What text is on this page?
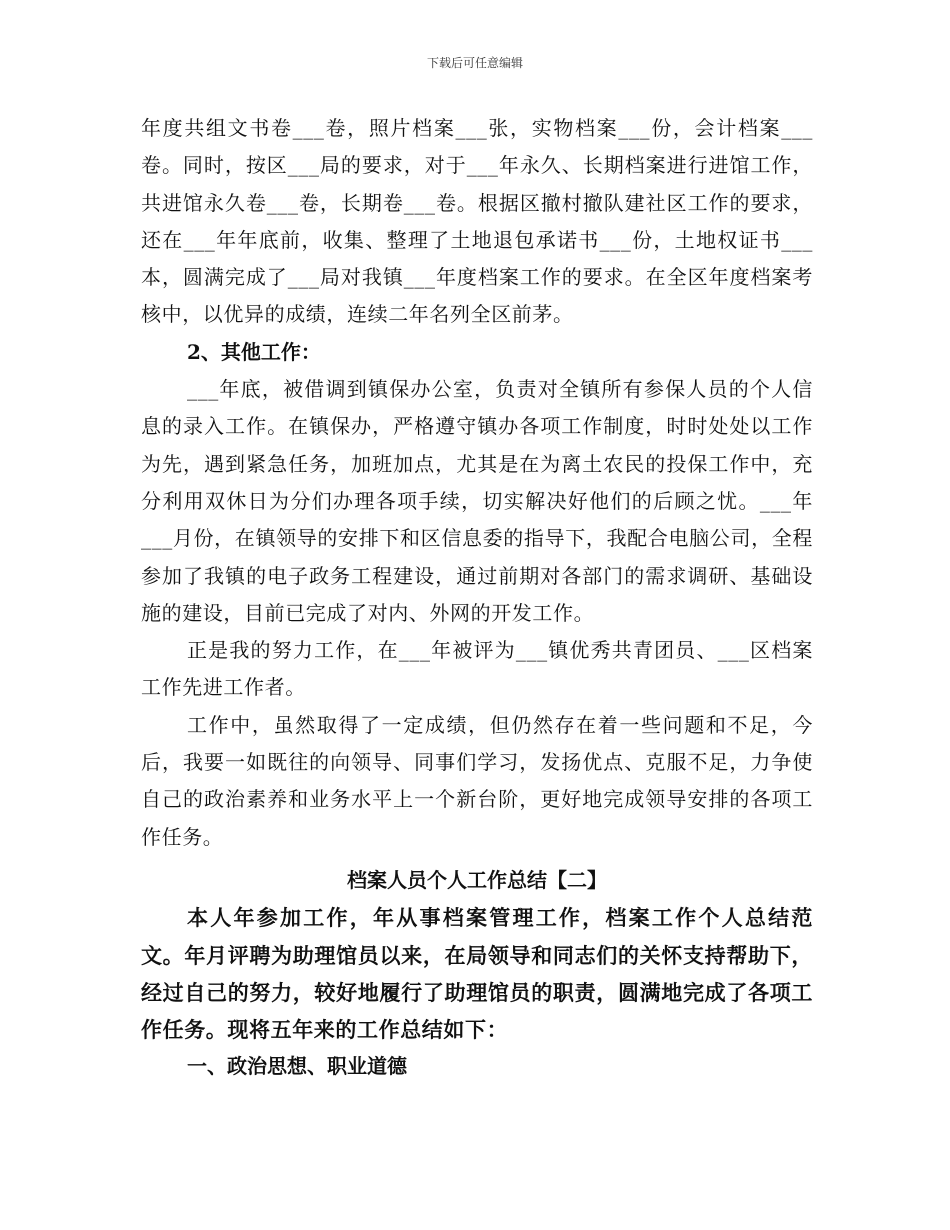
下载后可任意编辑

年度共组文书卷___卷，照片档案___张，实物档案___份，会计档案___卷。同时，按区___局的要求，对于___年永久、长期档案进行进馆工作，共进馆永久卷___卷，长期卷___卷。根据区撤村撤队建社区工作的要求，还在___年年底前，收集、整理了土地退包承诺书___份，土地权证书___本，圆满完成了___局对我镇___年度档案工作的要求。在全区年度档案考核中，以优异的成绩，连续二年名列全区前茅。

2、其他工作：

___年底，被借调到镇保办公室，负责对全镇所有参保人员的个人信息的录入工作。在镇保办，严格遵守镇办各项工作制度，时时处处以工作为先，遇到紧急任务，加班加点，尤其是在为离土农民的投保工作中，充分利用双休日为分们办理各项手续，切实解决好他们的后顾之忧。___年___月份，在镇领导的安排下和区信息委的指导下，我配合电脑公司，全程参加了我镇的电子政务工程建设，通过前期对各部门的需求调研、基础设施的建设，目前已完成了对内、外网的开发工作。

正是我的努力工作，在___年被评为___镇优秀共青团员、___区档案工作先进工作者。

工作中，虽然取得了一定成绩，但仍然存在着一些问题和不足，今后，我要一如既往的向领导、同事们学习，发扬优点、克服不足，力争使自己的政治素养和业务水平上一个新台阶，更好地完成领导安排的各项工作任务。

档案人员个人工作总结【二】

本人年参加工作，年从事档案管理工作，档案工作个人总结范文。年月评聘为助理馆员以来，在局领导和同志们的关怀支持帮助下，经过自己的努力，较好地履行了助理馆员的职责，圆满地完成了各项工作任务。现将五年来的工作总结如下：

一、政治思想、职业道德
